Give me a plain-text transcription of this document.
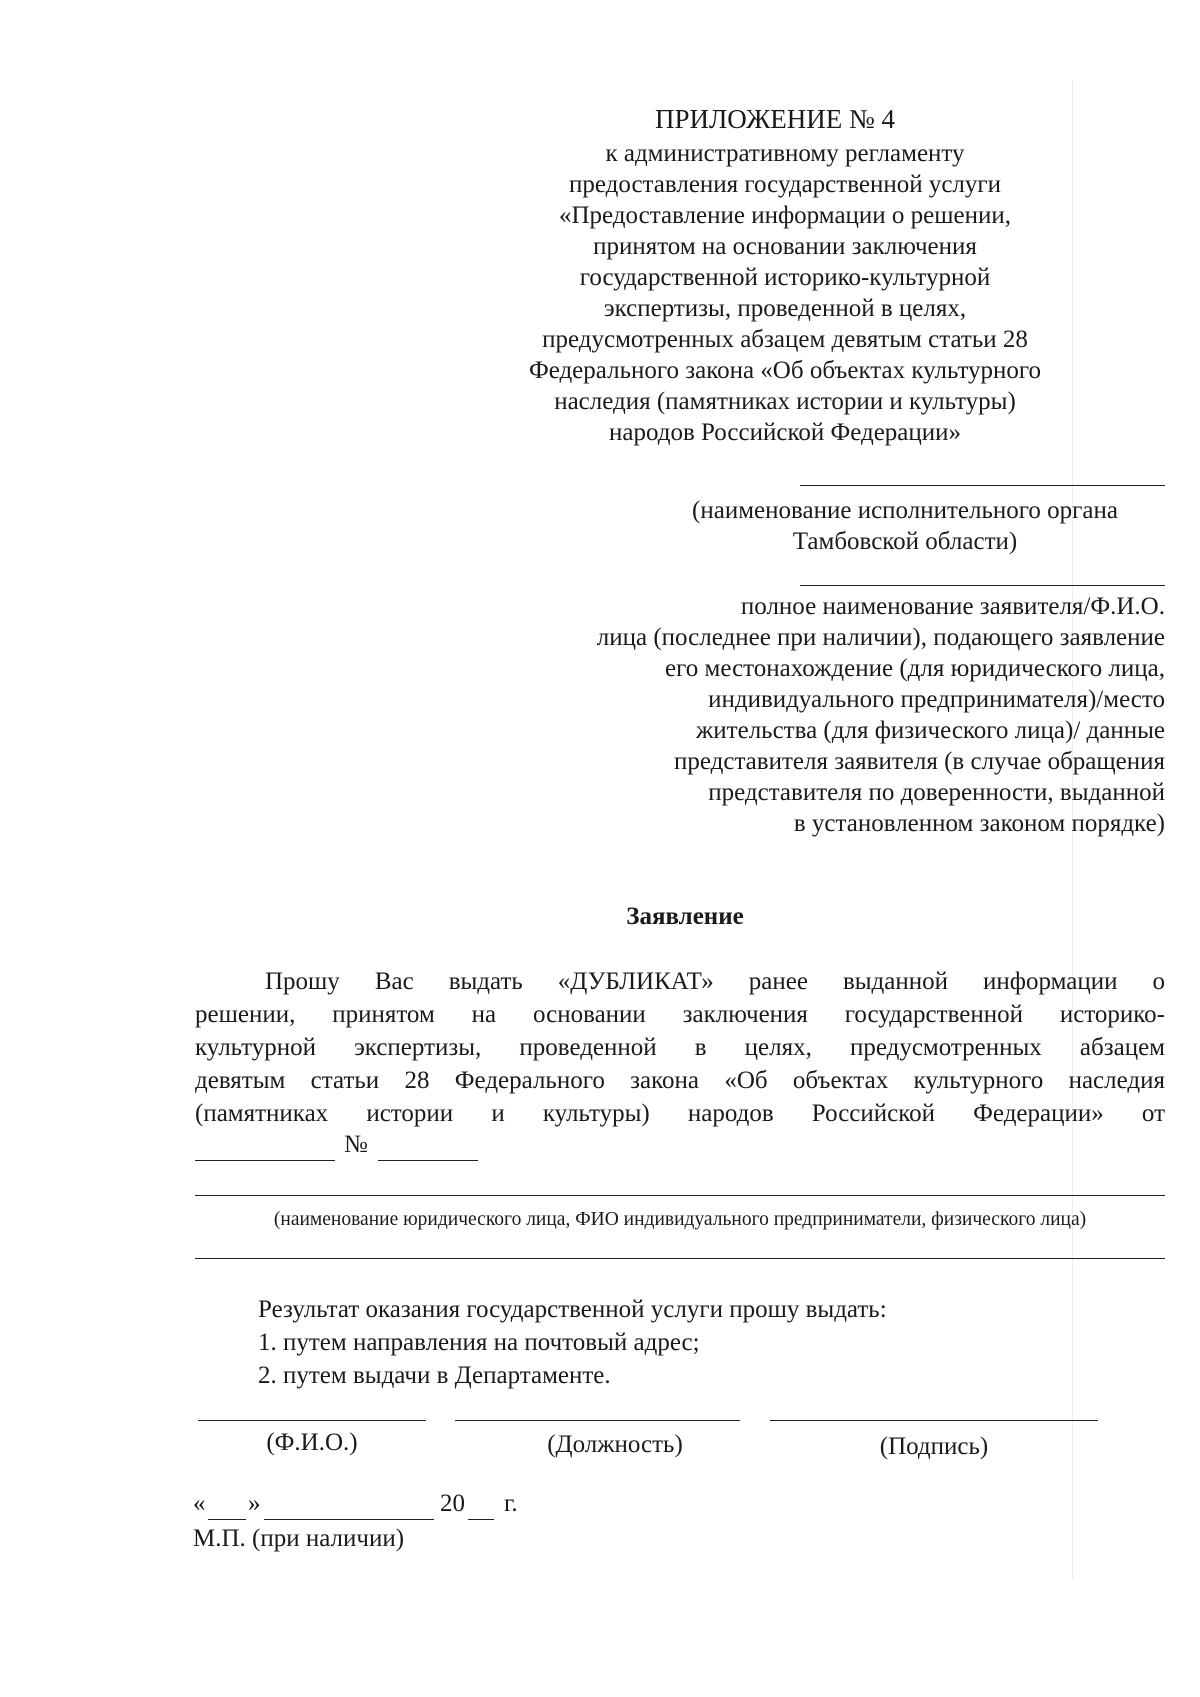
ПРИЛОЖЕНИЕ № 4
к административному регламенту
предоставления государственной услуги
«Предоставление информации о решении,
принятом на основании заключения
государственной историко-культурной
экспертизы, проведенной в целях,
предусмотренных абзацем девятым статьи 28
Федерального закона «Об объектах культурного
наследия (памятниках истории и культуры)
народов Российской Федерации»
(наименование исполнительного органа
Тамбовской области)
полное наименование заявителя/Ф.И.О.
лица (последнее при наличии), подающего заявление
его местонахождение (для юридического лица,
индивидуального предпринимателя)/место
жительства (для физического лица)/ данные
представителя заявителя (в случае обращения
представителя по доверенности, выданной
в установленном законом порядке)
Заявление
Прошу Вас выдать «ДУБЛИКАТ» ранее выданной информации о
решении, принятом на основании заключения государственной историко-
культурной экспертизы, проведенной в целях, предусмотренных абзацем
девятым статьи 28 Федерального закона «Об объектах культурного наследия
(памятниках истории и культуры) народов Российской Федерации» от
№
(наименование юридического лица, ФИО индивидуального предприниматели, физического лица)
Результат оказания государственной услуги прошу выдать:
1. путем направления на почтовый адрес;
2. путем выдачи в Департаменте.
(Ф.И.О.)	(Должность)	(Подпись)
« »	20 г.
М.П. (при наличии)
